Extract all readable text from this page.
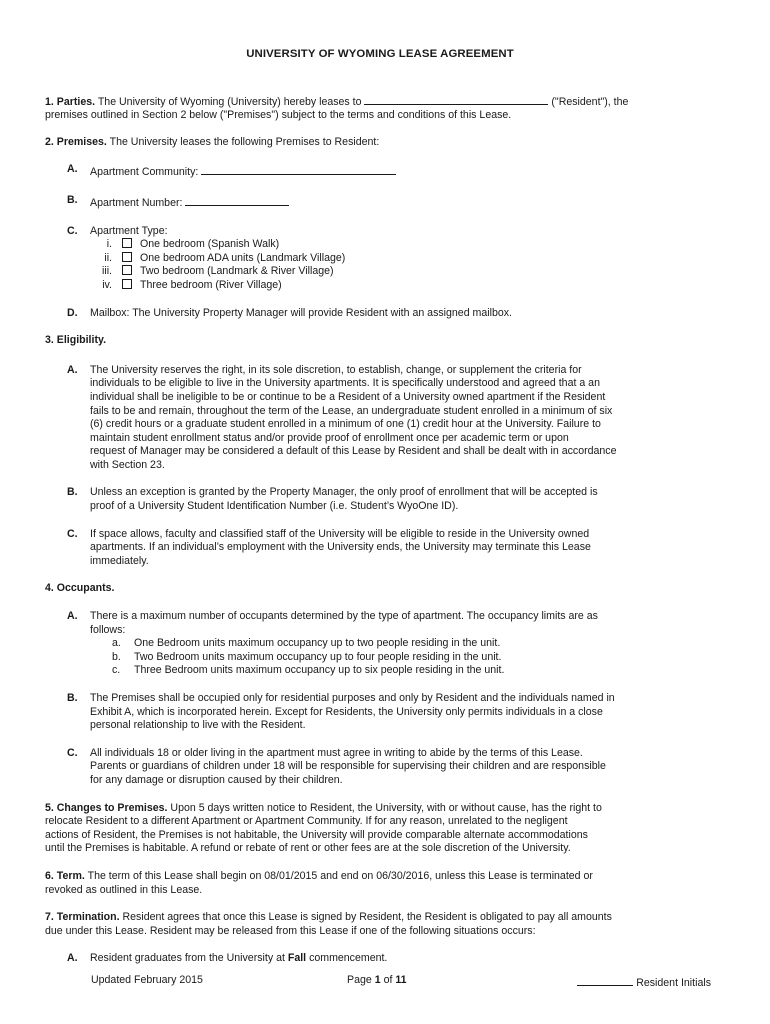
UNIVERSITY OF WYOMING LEASE AGREEMENT
1. Parties. The University of Wyoming (University) hereby leases to	("Resident"), the
premises outlined in Section 2 below ("Premises") subject to the terms and conditions of this Lease.
2. Premises. The University leases the following Premises to Resident:
A.	Apartment Community:
B.	Apartment Number:
C.	Apartment Type:
i.	One bedroom (Spanish Walk)
ii.	One bedroom ADA units (Landmark Village)
iii.	Two bedroom (Landmark & River Village)
iv.	Three bedroom (River Village)
D.	Mailbox: The University Property Manager will provide Resident with an assigned mailbox.
3. Eligibility.
A.	The University reserves the right, in its sole discretion, to establish, change, or supplement the criteria for
individuals to be eligible to live in the University apartments. It is specifically understood and agreed that a an
individual shall be ineligible to be or continue to be a Resident of a University owned apartment if the Resident
fails to be and remain, throughout the term of the Lease, an undergraduate student enrolled in a minimum of six
(6) credit hours or a graduate student enrolled in a minimum of one (1) credit hour at the University. Failure to
maintain student enrollment status and/or provide proof of enrollment once per academic term or upon
request of Manager may be considered a default of this Lease by Resident and shall be dealt with in accordance
with Section 23.
B.	Unless an exception is granted by the Property Manager, the only proof of enrollment that will be accepted is
proof of a University Student Identification Number (i.e. Student’s WyoOne ID).
C.	If space allows, faculty and classified staff of the University will be eligible to reside in the University owned
apartments. If an individual’s employment with the University ends, the University may terminate this Lease
immediately.
4. Occupants.
A.	There is a maximum number of occupants determined by the type of apartment. The occupancy limits are as
follows:
a.	One Bedroom units maximum occupancy up to two people residing in the unit.
b.	Two Bedroom units maximum occupancy up to four people residing in the unit.
c.	Three Bedroom units maximum occupancy up to six people residing in the unit.
B.	The Premises shall be occupied only for residential purposes and only by Resident and the individuals named in
Exhibit A, which is incorporated herein. Except for Residents, the University only permits individuals in a close
personal relationship to live with the Resident.
C.	All individuals 18 or older living in the apartment must agree in writing to abide by the terms of this Lease.
Parents or guardians of children under 18 will be responsible for supervising their children and are responsible
for any damage or disruption caused by their children.
5. Changes to Premises. Upon 5 days written notice to Resident, the University, with or without cause, has the right to
relocate Resident to a different Apartment or Apartment Community. If for any reason, unrelated to the negligent
actions of Resident, the Premises is not habitable, the University will provide comparable alternate accommodations
until the Premises is habitable. A refund or rebate of rent or other fees are at the sole discretion of the University.
6. Term. The term of this Lease shall begin on 08/01/2015 and end on 06/30/2016, unless this Lease is terminated or
revoked as outlined in this Lease.
7. Termination. Resident agrees that once this Lease is signed by Resident, the Resident is obligated to pay all amounts
due under this Lease. Resident may be released from this Lease if one of the following situations occurs:
A.	Resident graduates from the University at Fall commencement.
Updated February 2015	Page 1 of 11	Resident Initials
